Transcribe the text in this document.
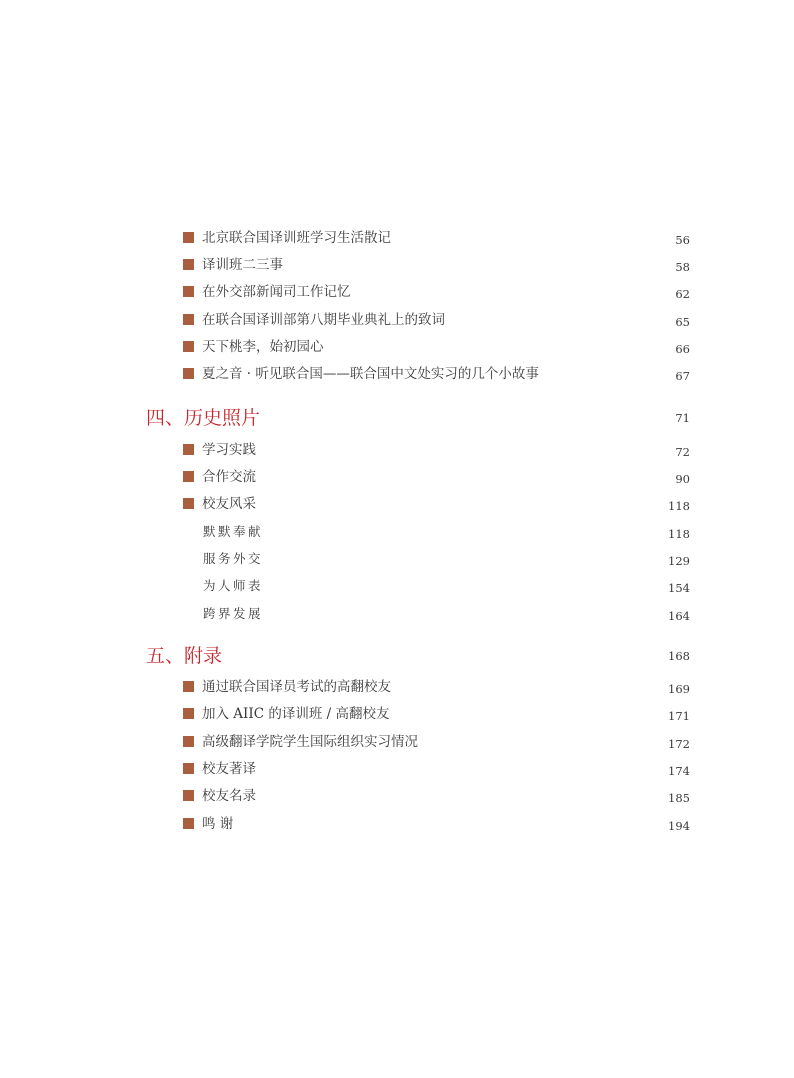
北京联合国译训班学习生活散记	56
译训班二三事	58
在外交部新闻司工作记忆	62
在联合国译训部第八期毕业典礼上的致词	65
天下桃李，始初园心	66
夏之音 · 听见联合国——联合国中文处实习的几个小故事	67
四、历史照片	71
学习实践	72
合作交流	90
校友风采	118
默默奉献	118
服务外交	129
为人师表	154
跨界发展	164
五、附录	168
通过联合国译员考试的高翻校友	169
加入 AIIC 的译训班 / 高翻校友	171
高级翻译学院学生国际组织实习情况	172
校友著译	174
校友名录	185
鸣 谢	194
